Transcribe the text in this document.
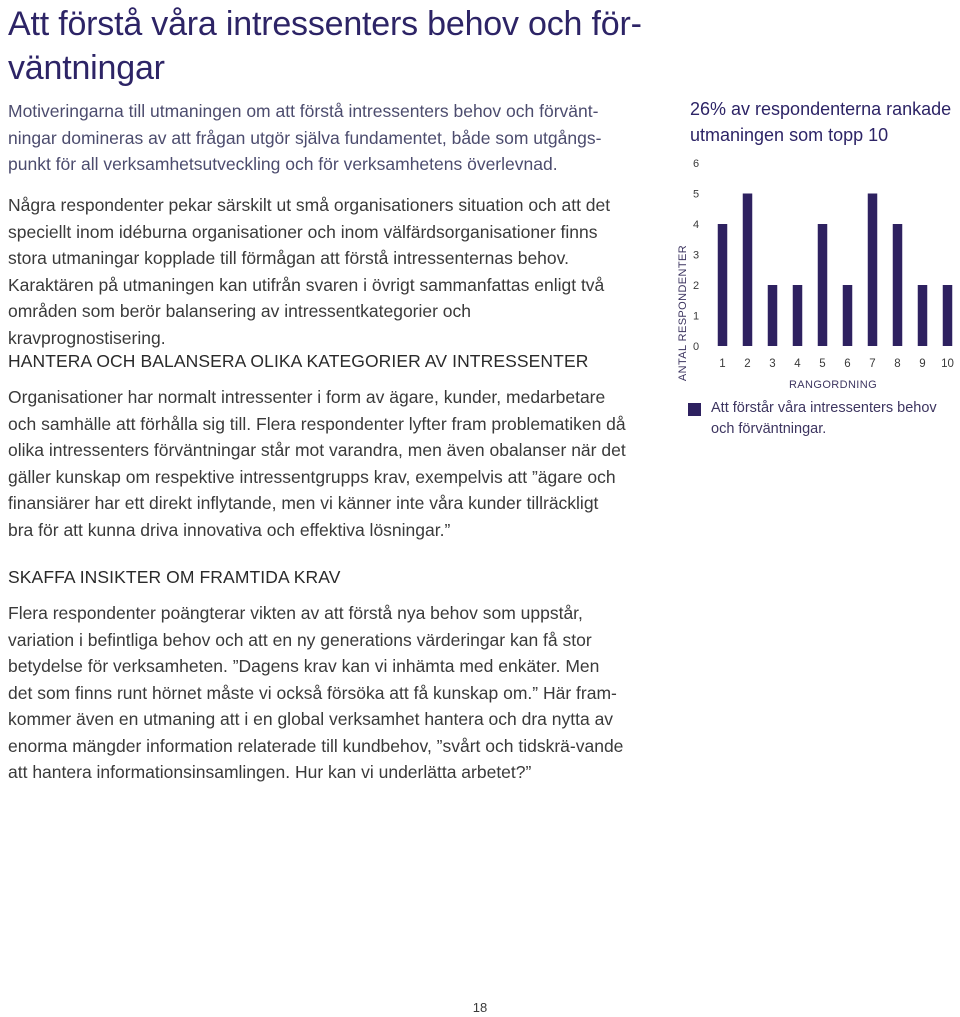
Att förstå våra intressenters behov och för-väntningar

Motiveringarna till utmaningen om att förstå intressenters behov och förvänt-ningar domineras av att frågan utgör själva fundamentet, både som utgångs-punkt för all verksamhetsutveckling och för verksamhetens överlevnad.

Några respondenter pekar särskilt ut små organisationers situation och att det speciellt inom idéburna organisationer och inom välfärdsorganisationer finns stora utmaningar kopplade till förmågan att förstå intressenternas behov. Karaktären på utmaningen kan utifrån svaren i övrigt sammanfattas enligt två områden som berör balansering av intressentkategorier och kravprognostisering.

HANTERA OCH BALANSERA OLIKA KATEGORIER AV INTRESSENTER

Organisationer har normalt intressenter i form av ägare, kunder, medarbetare och samhälle att förhålla sig till. Flera respondenter lyfter fram problematiken då olika intressenters förväntningar står mot varandra, men även obalanser när det gäller kunskap om respektive intressentgrupps krav, exempelvis att ”ägare och finansiärer har ett direkt inflytande, men vi känner inte våra kunder tillräckligt bra för att kunna driva innovativa och effektiva lösningar.”

SKAFFA INSIKTER OM FRAMTIDA KRAV

Flera respondenter poängterar vikten av att förstå nya behov som uppstår, variation i befintliga behov och att en ny generations värderingar kan få stor betydelse för verksamheten. ”Dagens krav kan vi inhämta med enkäter. Men det som finns runt hörnet måste vi också försöka att få kunskap om.” Här fram-kommer även en utmaning att i en global verksamhet hantera och dra nytta av enorma mängder information relaterade till kundbehov, ”svårt och tidskrä-vande att hantera informationsinsamlingen. Hur kan vi underlätta arbetet?”

26% av respondenterna rankade utmaningen som topp 10

0
1
2
3
4
5
6
1 2 3 4 5 6 7 8 9 10
ANTAL RESPONDENTER
RANGORDNING
Att förstår våra intressenters behov och förväntningar.
18
